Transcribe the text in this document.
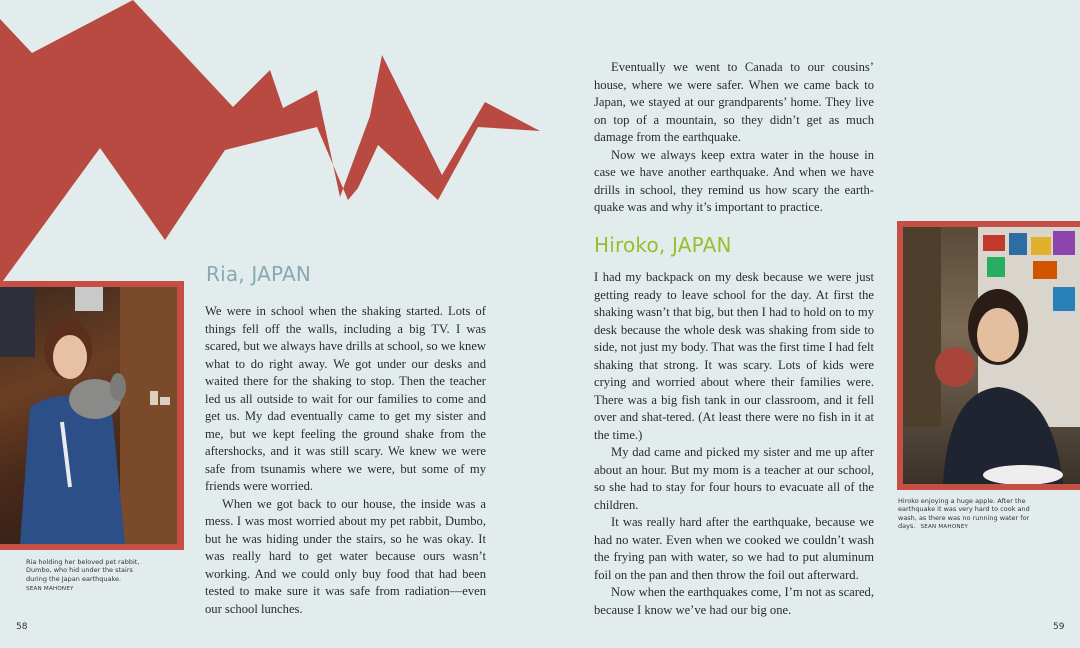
Ria holding her beloved pet rabbit, Dumbo, who hid under the stairs during the Japan earthquake.
SEAN MAHONEY
Ria, JAPAN

We were in school when the shaking started. Lots of things fell off the walls, including a big TV. I was scared, but we always have drills at school, so we knew what to do right away. We got under our desks and waited there for the shaking to stop. Then the teacher led us all outside to wait for our families to come and get us. My dad eventually came to get my sister and me, but we kept feeling the ground shake from the aftershocks, and it was still scary. We knew we were safe from tsunamis where we were, but some of my friends were worried.

When we got back to our house, the inside was a mess. I was most worried about my pet rabbit, Dumbo, but he was hiding under the stairs, so he was okay. It was really hard to get water because ours wasn’t working. And we could only buy food that had been tested to make sure it was safe from radiation—even our school lunches.

58

Eventually we went to Canada to our cousins’ house, where we were safer. When we came back to Japan, we stayed at our grandparents’ home. They live on top of a mountain, so they didn’t get as much damage from the earthquake.

Now we always keep extra water in the house in case we have another earthquake. And when we have drills in school, they remind us how scary the earth-quake was and why it’s important to practice.

Hiroko, JAPAN

I had my backpack on my desk because we were just getting ready to leave school for the day. At first the shaking wasn’t that big, but then I had to hold on to my desk because the whole desk was shaking from side to side, not just my body. That was the first time I had felt shaking that strong. It was scary. Lots of kids were crying and worried about where their families were. There was a big fish tank in our classroom, and it fell over and shat-tered. (At least there were no fish in it at the time.)

My dad came and picked my sister and me up after about an hour. But my mom is a teacher at our school, so she had to stay for four hours to evacuate all of the children.

It was really hard after the earthquake, because we had no water. Even when we cooked we couldn’t wash the frying pan with water, so we had to put aluminum foil on the pan and then throw the foil out afterward.

Now when the earthquakes come, I’m not as scared, because I know we’ve had our big one.

Hiroko enjoying a huge apple. After the earthquake it was very hard to cook and wash, as there was no running water for days. SEAN MAHONEY
59
